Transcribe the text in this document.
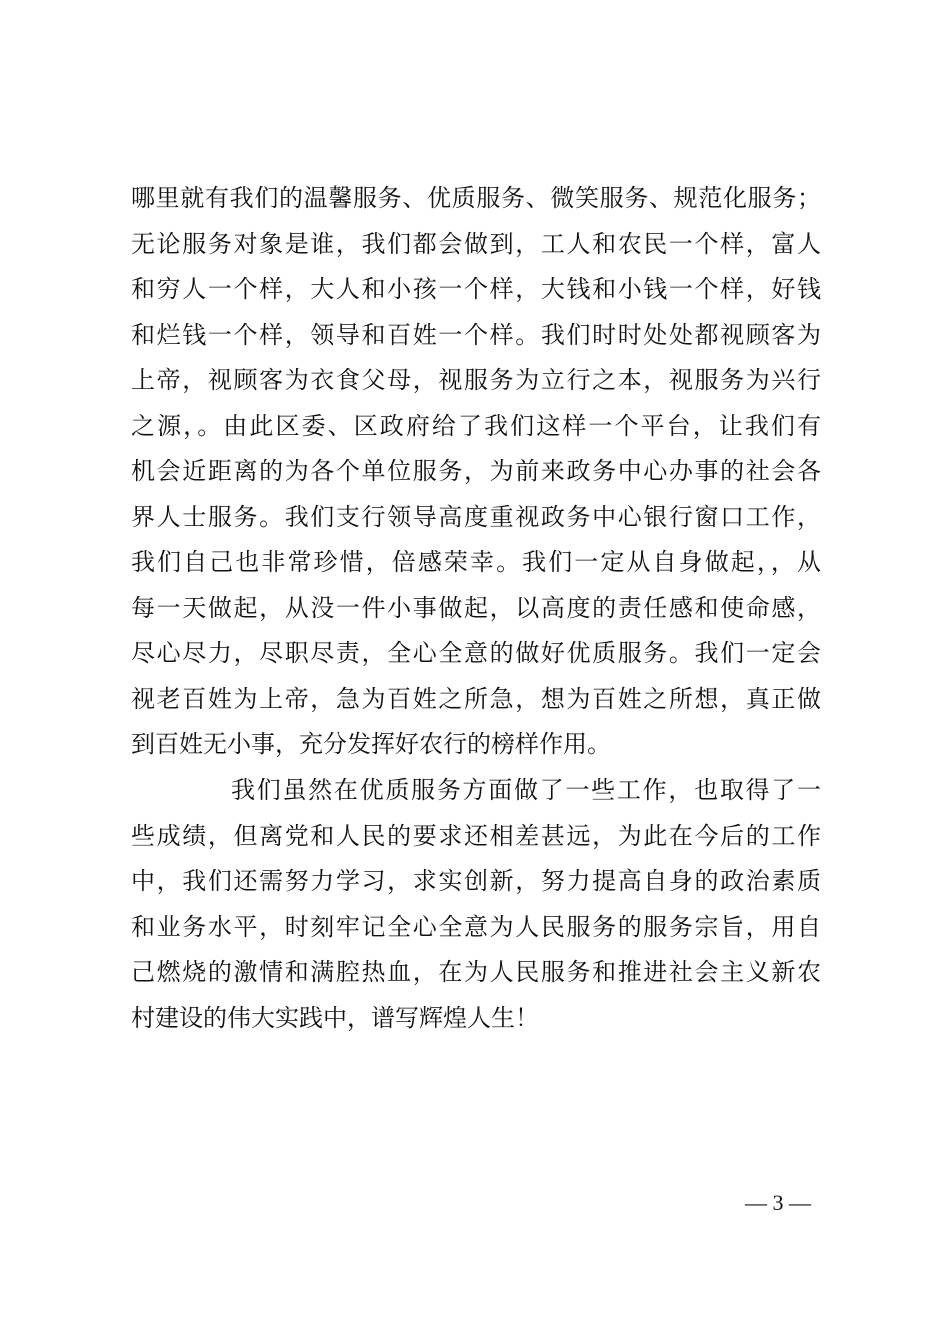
哪里就有我们的温馨服务、优质服务、微笑服务、规范化服务；
无论服务对象是谁，我们都会做到，工人和农民一个样，富人
和穷人一个样，大人和小孩一个样，大钱和小钱一个样，好钱
和烂钱一个样，领导和百姓一个样。我们时时处处都视顾客为
上帝，视顾客为衣食父母，视服务为立行之本，视服务为兴行
之源，。由此区委、区政府给了我们这样一个平台，让我们有
机会近距离的为各个单位服务，为前来政务中心办事的社会各
界人士服务。我们支行领导高度重视政务中心银行窗口工作，
我们自己也非常珍惜，倍感荣幸。我们一定从自身做起，，从
每一天做起，从没一件小事做起，以高度的责任感和使命感，
尽心尽力，尽职尽责，全心全意的做好优质服务。我们一定会
视老百姓为上帝，急为百姓之所急，想为百姓之所想，真正做
到百姓无小事，充分发挥好农行的榜样作用。
我们虽然在优质服务方面做了一些工作，也取得了一
些成绩，但离党和人民的要求还相差甚远，为此在今后的工作
中，我们还需努力学习，求实创新，努力提高自身的政治素质
和业务水平，时刻牢记全心全意为人民服务的服务宗旨，用自
己燃烧的激情和满腔热血，在为人民服务和推进社会主义新农
村建设的伟大实践中，谱写辉煌人生！
— 3 —
